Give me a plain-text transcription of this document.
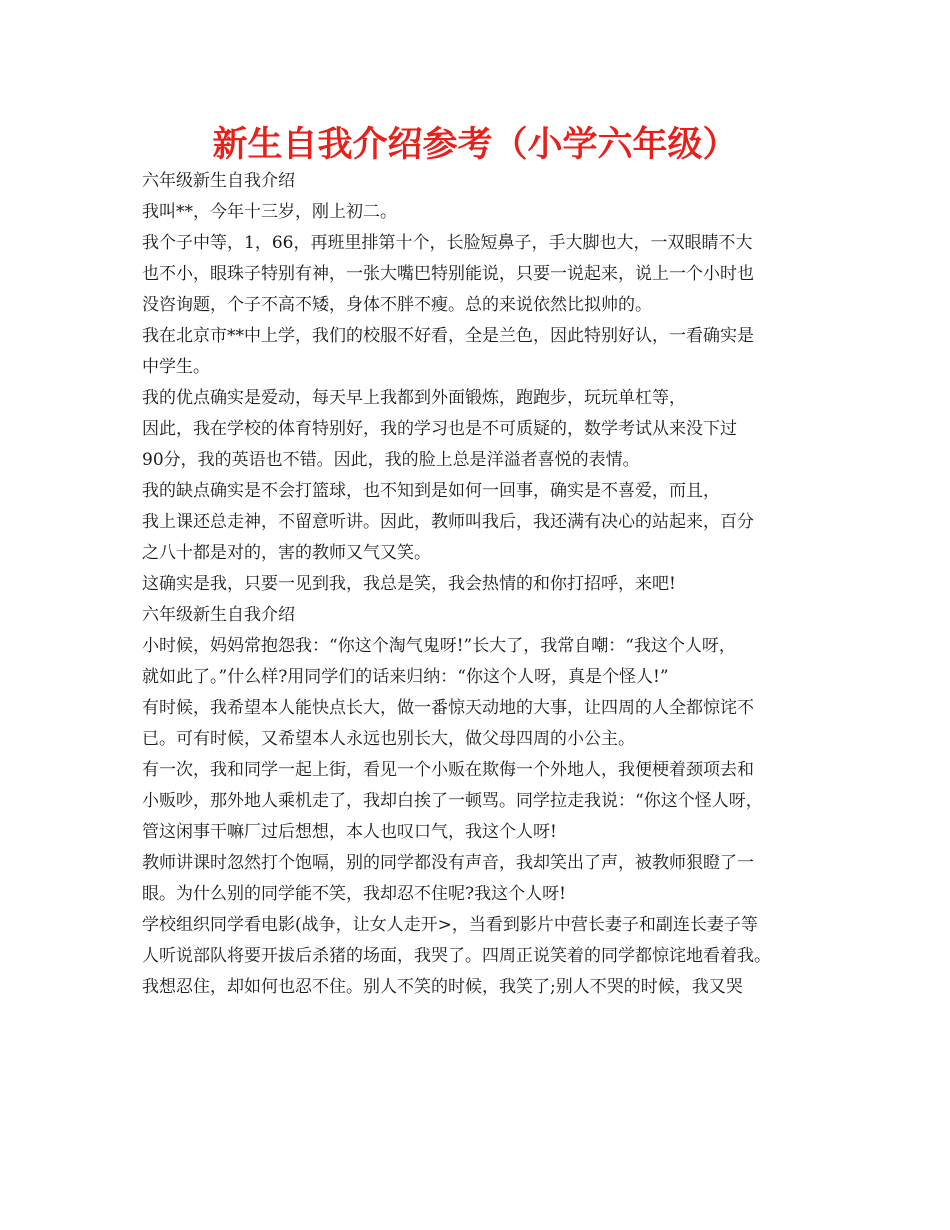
新生自我介绍参考（小学六年级）

六年级新生自我介绍

我叫**，今年十三岁，刚上初二。

我个子中等，1，66，再班里排第十个，长脸短鼻子，手大脚也大，一双眼睛不大

也不小，眼珠子特别有神，一张大嘴巴特别能说，只要一说起来，说上一个小时也

没咨询题，个子不高不矮，身体不胖不瘦。总的来说依然比拟帅的。

我在北京市**中上学，我们的校服不好看，全是兰色，因此特别好认，一看确实是

中学生。

我的优点确实是爱动，每天早上我都到外面锻炼，跑跑步，玩玩单杠等，

因此，我在学校的体育特别好，我的学习也是不可质疑的，数学考试从来没下过

90分，我的英语也不错。因此，我的脸上总是洋溢者喜悦的表情。

我的缺点确实是不会打篮球，也不知到是如何一回事，确实是不喜爱，而且，

我上课还总走神，不留意听讲。因此，教师叫我后，我还满有决心的站起来，百分

之八十都是对的，害的教师又气又笑。

这确实是我，只要一见到我，我总是笑，我会热情的和你打招呼，来吧!

六年级新生自我介绍

小时候，妈妈常抱怨我：“你这个淘气鬼呀!”长大了，我常自嘲：“我这个人呀，

就如此了。”什么样?用同学们的话来归纳：“你这个人呀，真是个怪人!”

有时候，我希望本人能快点长大，做一番惊天动地的大事，让四周的人全都惊诧不

已。可有时候，又希望本人永远也别长大，做父母四周的小公主。

有一次，我和同学一起上街，看见一个小贩在欺侮一个外地人，我便梗着颈项去和

小贩吵，那外地人乘机走了，我却白挨了一顿骂。同学拉走我说：“你这个怪人呀，

管这闲事干嘛厂过后想想，本人也叹口气，我这个人呀!

教师讲课时忽然打个饱嗝，别的同学都没有声音，我却笑出了声，被教师狠瞪了一

眼。为什么别的同学能不笑，我却忍不住呢?我这个人呀!

学校组织同学看电影(战争，让女人走开>，当看到影片中营长妻子和副连长妻子等

人听说部队将要开拔后杀猪的场面，我哭了。四周正说笑着的同学都惊诧地看着我。

我想忍住，却如何也忍不住。别人不笑的时候，我笑了;别人不哭的时候，我又哭
